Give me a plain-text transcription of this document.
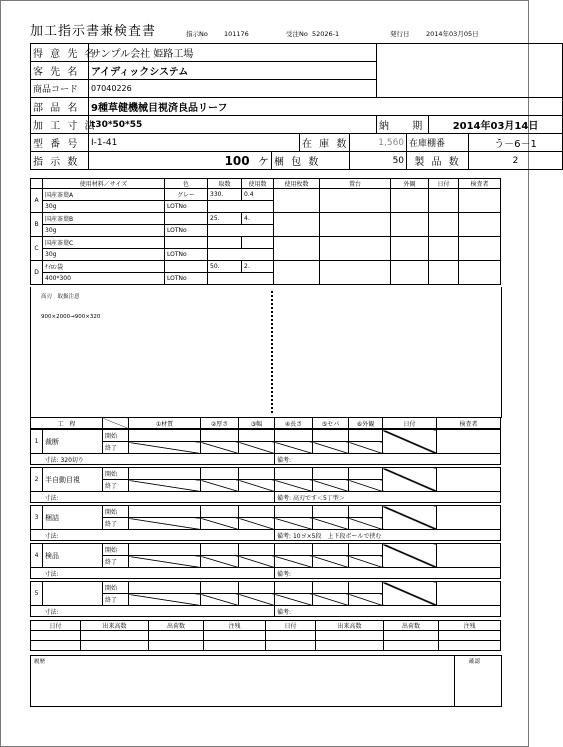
加工指示書兼検査書	指示No 101176	受注No 52026-1	発行日	2014年03月05日
得 意 先 名	サンプル会社 姫路工場							
客 先 名	アイディックシステム							
商品コード	07040226							
部 品 名	9種草健機械目視済良品リーフ							
加 工 寸 法	t30*50*55				納 期		2014年03月14日	
型 番 号	I-1-41		在 庫 数	1,560		在庫棚番		う－6－1
指 示 数	100 ケ	梱 包 数		50		製 品 数		2
	使用材料／サイズ	色	取数	使用数	使用枚数	置台	外観	日付	検査者
A	国産茶葉A	グレー	330.	0.4					
	30g	LOTNo							
B	国産茶葉B		25.	4.					
	30g	LOTNo							
C	国産茶葉C								
	30g	LOTNo							
D	ﾅｲﾛﾝ袋		50.	2.					
	400*300	LOTNo							
高刃　取扱注意
900×2000→900×320
工　程		①材質	②厚さ	③幅	④長さ	⑤セパ	⑥外観	日付	検査者
1	裁断	開始								
		終了								
	寸法: 320切り					備考:				
2	半自動目視	開始								
		終了								
	寸法:					備考: 高刃です＜5丁型＞				
3	梱詰	開始								
		終了								
	寸法:					備考: 10ヨ×5段　上下段ボールで挟む				
4	検品	開始								
		終了								
	寸法:					備考:				
5		開始								
		終了								
	寸法:					備考:				
日付	出来高数	出荷数	注残	日付	出来高数	出荷数	注残

履歴	確認
